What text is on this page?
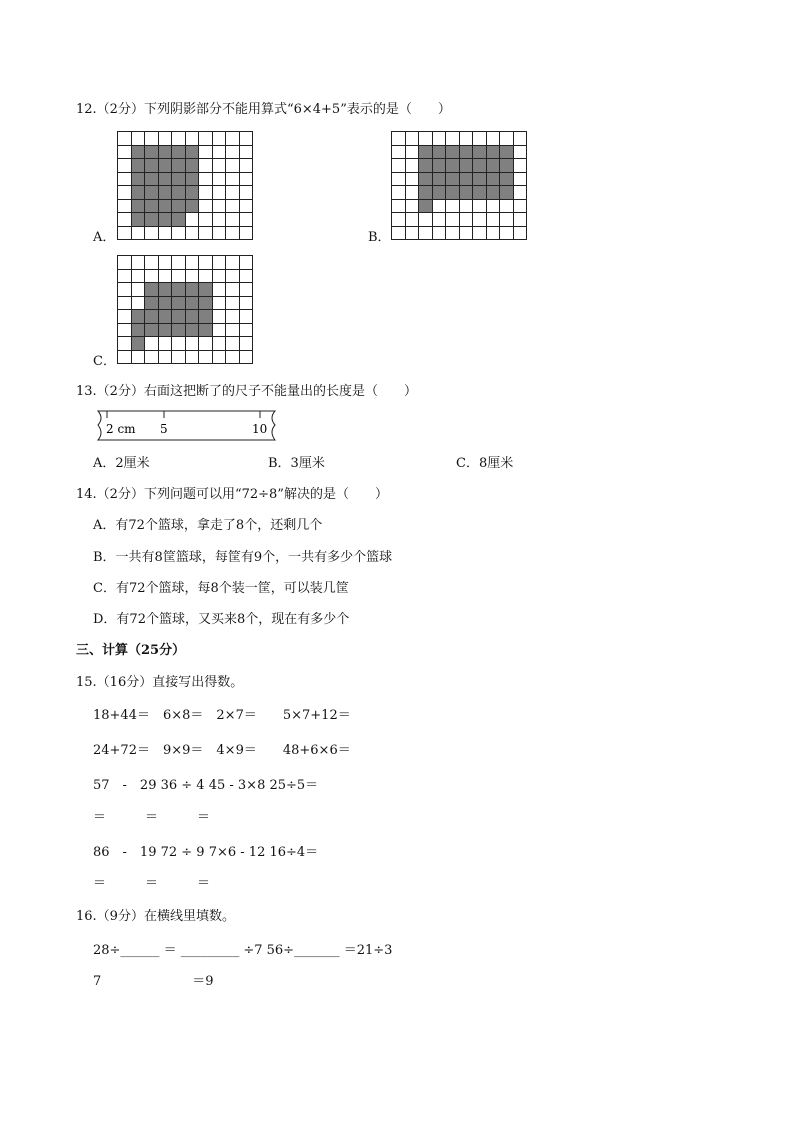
12.（2分）下列阴影部分不能用算式“6×4+5”表示的是（　　）
A．	B．
C．
13.（2分）右面这把断了的尺子不能量出的长度是（　　）
2 cm 5	10
A．2厘米	B．3厘米	C．8厘米
14.（2分）下列问题可以用“72÷8”解决的是（　　）
A．有72个篮球，拿走了8个，还剩几个
B．一共有8筐篮球，每筐有9个，一共有多少个篮球
C．有72个篮球，每8个装一筐，可以装几筐
D．有72个篮球，又买来8个，现在有多少个
三、计算（25分）
15.（16分）直接写出得数。
18+44＝　6×8＝　2×7＝　　5×7+12＝
24+72＝　9×9＝　4×9＝　　48+6×6＝
57　-　29 36 ÷ 4 45 - 3×8 25÷5＝
＝　　　＝　　　＝
86　-　19 72 ÷ 9 7×6 - 12 16÷4＝
＝　　　＝　　　＝
16.（9分）在横线里填数。
28÷______ ＝ _________ ÷7 56÷_______ ＝21÷3
7　　　　　　　＝9
